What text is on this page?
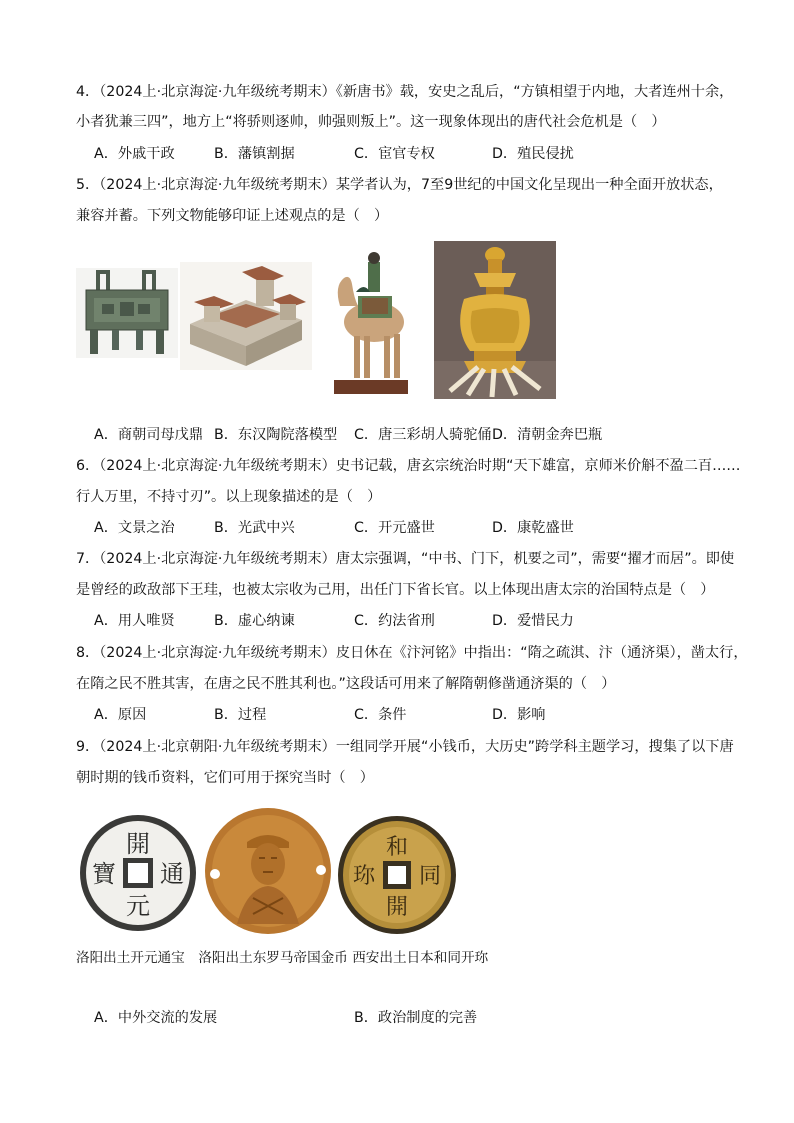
4．（2024上·北京海淀·九年级统考期末）《新唐书》载，安史之乱后，“方镇相望于内地，大者连州十余，
小者犹兼三四”，地方上“将骄则逐帅，帅强则叛上”。这一现象体现出的唐代社会危机是（　）
A．外戚干政	B．藩镇割据	C．宦官专权	D．殖民侵扰
5．（2024上·北京海淀·九年级统考期末）某学者认为，7至9世纪的中国文化呈现出一种全面开放状态，
兼容并蓄。下列文物能够印证上述观点的是（　）
A．商朝司母戊鼎 B．东汉陶院落模型 C．唐三彩胡人骑驼俑 D．清朝金奔巴瓶
6．（2024上·北京海淀·九年级统考期末）史书记载，唐玄宗统治时期“天下雄富，京师米价斛不盈二百……
行人万里，不持寸刃”。以上现象描述的是（　）
A．文景之治	B．光武中兴	C．开元盛世	D．康乾盛世
7．（2024上·北京海淀·九年级统考期末）唐太宗强调，“中书、门下，机要之司”，需要“擢才而居”。即使
是曾经的政敌部下王珪，也被太宗收为己用，出任门下省长官。以上体现出唐太宗的治国特点是（　）
A．用人唯贤	B．虚心纳谏	C．约法省刑	D．爱惜民力
8．（2024上·北京海淀·九年级统考期末）皮日休在《汴河铭》中指出：“隋之疏淇、汴（通济渠），凿太行，
在隋之民不胜其害，在唐之民不胜其利也。”这段话可用来了解隋朝修凿通济渠的（　）
A．原因	B．过程	C．条件	D．影响
9．（2024上·北京朝阳·九年级统考期末）一组同学开展“小钱币，大历史”跨学科主题学习，搜集了以下唐
朝时期的钱币资料，它们可用于探究当时（　）
開
元
通
寶
和
同
開
珎
洛阳出土开元通宝　洛阳出土东罗马帝国金币 西安出土日本和同开珎
A．中外交流的发展	B．政治制度的完善
